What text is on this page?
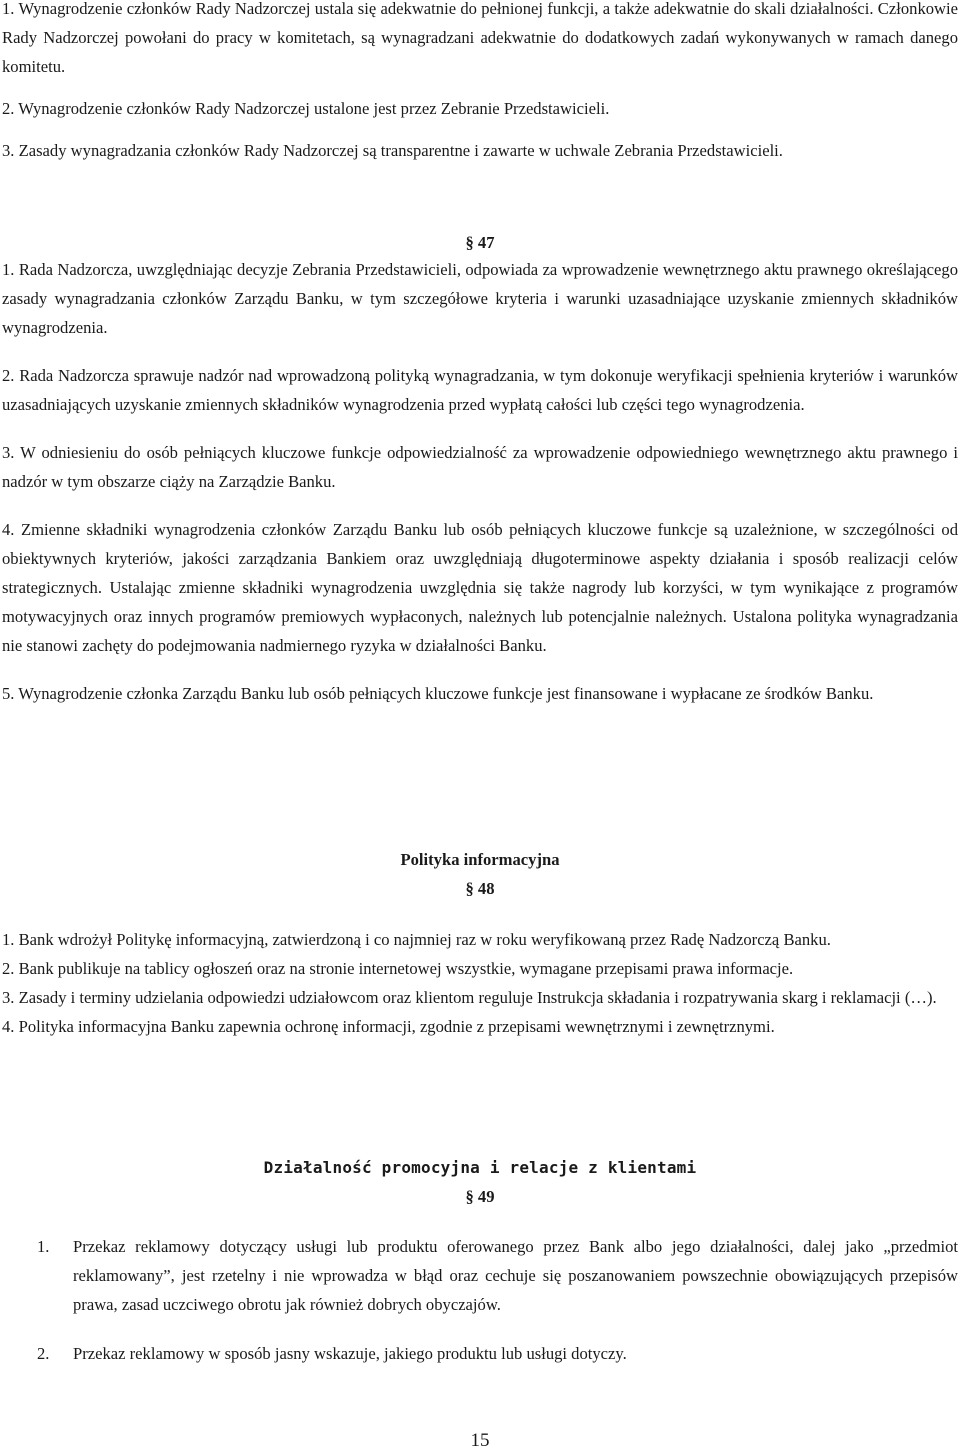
1. Wynagrodzenie członków Rady Nadzorczej ustala się adekwatnie do pełnionej funkcji, a także adekwatnie do skali działalności. Członkowie Rady Nadzorczej powołani do pracy w komitetach, są wynagradzani adekwatnie do dodatkowych zadań wykonywanych w ramach danego komitetu.

2. Wynagrodzenie członków Rady Nadzorczej ustalone jest przez Zebranie Przedstawicieli.

3. Zasady wynagradzania członków Rady Nadzorczej są transparentne i zawarte w uchwale Zebrania Przedstawicieli.

§ 47

1. Rada Nadzorcza, uwzględniając decyzje Zebrania Przedstawicieli, odpowiada za wprowadzenie wewnętrznego aktu prawnego określającego zasady wynagradzania członków Zarządu Banku, w tym szczegółowe kryteria i warunki uzasadniające uzyskanie zmiennych składników wynagrodzenia.

2. Rada Nadzorcza sprawuje nadzór nad wprowadzoną polityką wynagradzania, w tym dokonuje weryfikacji spełnienia kryteriów i warunków uzasadniających uzyskanie zmiennych składników wynagrodzenia przed wypłatą całości lub części tego wynagrodzenia.

3. W odniesieniu do osób pełniących kluczowe funkcje odpowiedzialność za wprowadzenie odpowiedniego wewnętrznego aktu prawnego i nadzór w tym obszarze ciąży na Zarządzie Banku.

4. Zmienne składniki wynagrodzenia członków Zarządu Banku lub osób pełniących kluczowe funkcje są uzależnione, w szczególności od obiektywnych kryteriów, jakości zarządzania Bankiem oraz uwzględniają długoterminowe aspekty działania i sposób realizacji celów strategicznych. Ustalając zmienne składniki wynagrodzenia uwzględnia się także nagrody lub korzyści, w tym wynikające z programów motywacyjnych oraz innych programów premiowych wypłaconych, należnych lub potencjalnie należnych. Ustalona polityka wynagradzania nie stanowi zachęty do podejmowania nadmiernego ryzyka w działalności Banku.

5. Wynagrodzenie członka Zarządu Banku lub osób pełniących kluczowe funkcje jest finansowane i wypłacane ze środków Banku.

Polityka informacyjna

§ 48

1. Bank wdrożył Politykę informacyjną, zatwierdzoną i co najmniej raz w roku weryfikowaną przez Radę Nadzorczą Banku.

2. Bank publikuje na tablicy ogłoszeń oraz na stronie internetowej wszystkie, wymagane przepisami prawa informacje.

3. Zasady i terminy udzielania odpowiedzi udziałowcom oraz klientom reguluje Instrukcja składania i rozpatrywania skarg i reklamacji (…).

4. Polityka informacyjna Banku zapewnia ochronę informacji, zgodnie z przepisami wewnętrznymi i zewnętrznymi.

Działalność promocyjna i relacje z klientami

§ 49

1. Przekaz reklamowy dotyczący usługi lub produktu oferowanego przez Bank albo jego działalności, dalej jako „przedmiot reklamowany”, jest rzetelny i nie wprowadza w błąd oraz cechuje się poszanowaniem powszechnie obowiązujących przepisów prawa, zasad uczciwego obrotu jak również dobrych obyczajów.
2. Przekaz reklamowy w sposób jasny wskazuje, jakiego produktu lub usługi dotyczy.

15
